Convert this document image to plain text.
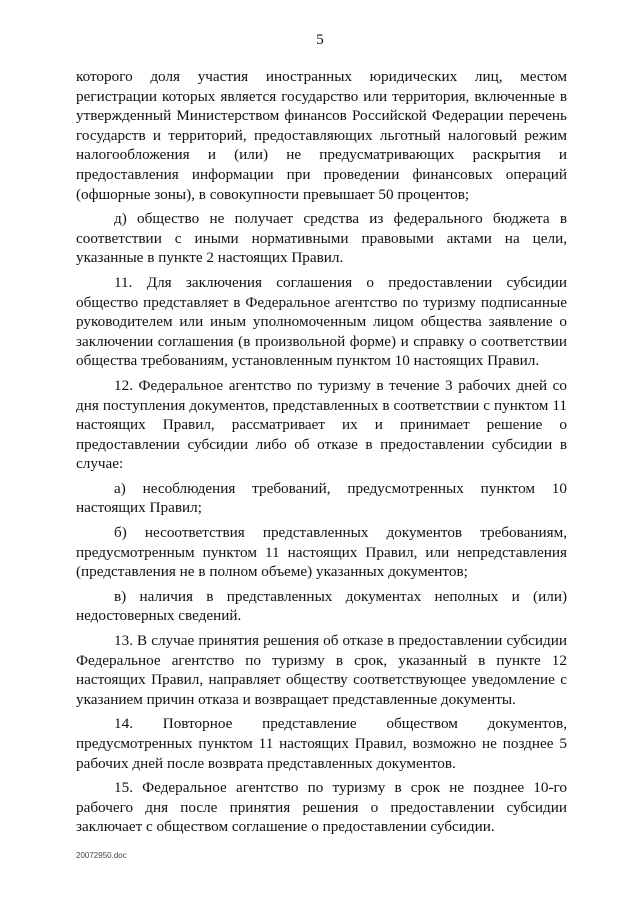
5

которого доля участия иностранных юридических лиц, местом регистрации которых является государство или территория, включенные в утвержденный Министерством финансов Российской Федерации перечень государств и территорий, предоставляющих льготный налоговый режим налогообложения и (или) не предусматривающих раскрытия и предоставления информации при проведении финансовых операций (офшорные зоны), в совокупности превышает 50 процентов;

д) общество не получает средства из федерального бюджета в соответствии с иными нормативными правовыми актами на цели, указанные в пункте 2 настоящих Правил.

11. Для заключения соглашения о предоставлении субсидии общество представляет в Федеральное агентство по туризму подписанные руководителем или иным уполномоченным лицом общества заявление о заключении соглашения (в произвольной форме) и справку о соответствии общества требованиям, установленным пунктом 10 настоящих Правил.

12. Федеральное агентство по туризму в течение 3 рабочих дней со дня поступления документов, представленных в соответствии с пунктом 11 настоящих Правил, рассматривает их и принимает решение о предоставлении субсидии либо об отказе в предоставлении субсидии в случае:

а) несоблюдения требований, предусмотренных пунктом 10 настоящих Правил;

б) несоответствия представленных документов требованиям, предусмотренным пунктом 11 настоящих Правил, или непредставления (представления не в полном объеме) указанных документов;

в) наличия в представленных документах неполных и (или) недостоверных сведений.

13. В случае принятия решения об отказе в предоставлении субсидии Федеральное агентство по туризму в срок, указанный в пункте 12 настоящих Правил, направляет обществу соответствующее уведомление с указанием причин отказа и возвращает представленные документы.

14. Повторное представление обществом документов, предусмотренных пунктом 11 настоящих Правил, возможно не позднее 5 рабочих дней после возврата представленных документов.

15. Федеральное агентство по туризму в срок не позднее 10-го рабочего дня после принятия решения о предоставлении субсидии заключает с обществом соглашение о предоставлении субсидии.

20072950.doc
